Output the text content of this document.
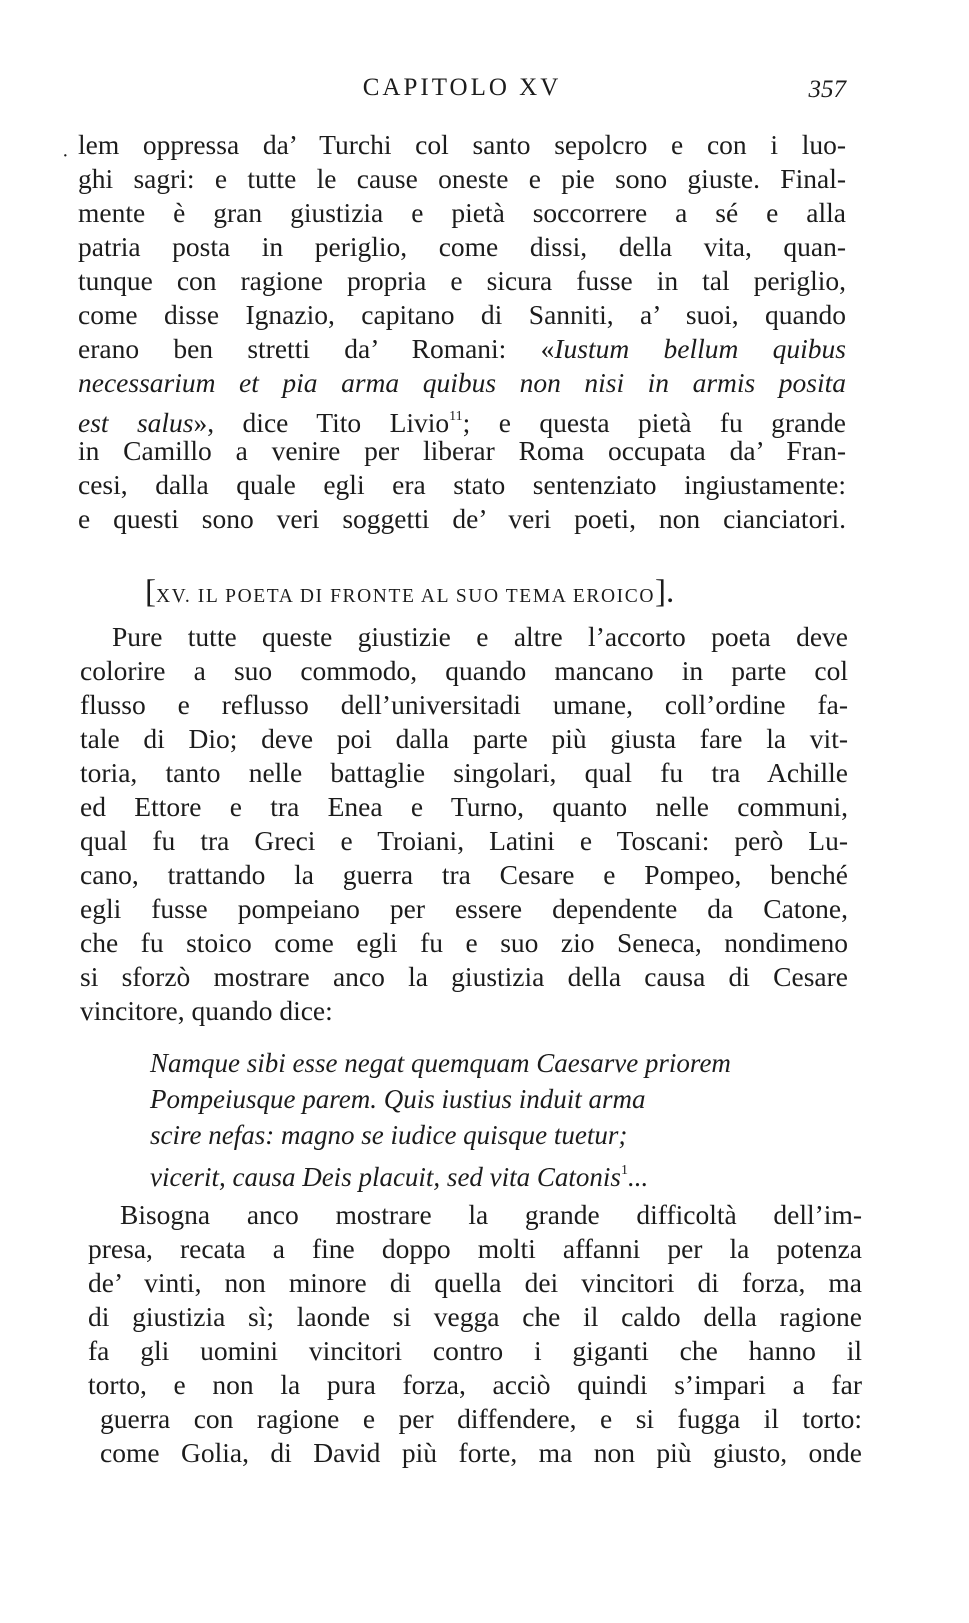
CAPITOLO XV	357
· lem oppressa da’ Turchi col santo sepolcro e con i luo-
ghi sagri: e tutte le cause oneste e pie sono giuste. Final-
mente è gran giustizia e pietà soccorrere a sé e alla
patria posta in periglio, come dissi, della vita, quan-
tunque con ragione propria e sicura fusse in tal periglio,
come disse Ignazio, capitano di Sanniti, a’ suoi, quando
erano ben stretti da’ Romani: «Iustum bellum quibus
necessarium et pia arma quibus non nisi in armis posita
est salus», dice Tito Livio$^{11}$; e questa pietà fu grande
in Camillo a venire per liberar Roma occupata da’ Fran-
cesi, dalla quale egli era stato sentenziato ingiustamente:
e questi sono veri soggetti de’ veri poeti, non cianciatori.
[XV. IL POETA DI FRONTE AL SUO TEMA EROICO].
Pure tutte queste giustizie e altre l’accorto poeta deve
colorire a suo commodo, quando mancano in parte col
flusso e reflusso dell’universitadi umane, coll’ordine fa-
tale di Dio; deve poi dalla parte più giusta fare la vit-
toria, tanto nelle battaglie singolari, qual fu tra Achille
ed Ettore e tra Enea e Turno, quanto nelle communi,
qual fu tra Greci e Troiani, Latini e Toscani: però Lu-
cano, trattando la guerra tra Cesare e Pompeo, benché
egli fusse pompeiano per essere dependente da Catone,
che fu stoico come egli fu e suo zio Seneca, nondimeno
si sforzò mostrare anco la giustizia della causa di Cesare
vincitore, quando dice:
Namque sibi esse negat quemquam Caesarve priorem
Pompeiusque parem. Quis iustius induit arma
scire nefas: magno se iudice quisque tuetur;
vicerit, causa Deis placuit, sed vita Catonis$^1$...
Bisogna anco mostrare la grande difficoltà dell’im-
presa, recata a fine doppo molti affanni per la potenza
de’ vinti, non minore di quella dei vincitori di forza, ma
di giustizia sì; laonde si vegga che il caldo della ragione
fa gli uomini vincitori contro i giganti che hanno il
torto, e non la pura forza, acciò quindi s’impari a far
guerra con ragione e per diffendere, e si fugga il torto:
come Golia, di David più forte, ma non più giusto, onde
